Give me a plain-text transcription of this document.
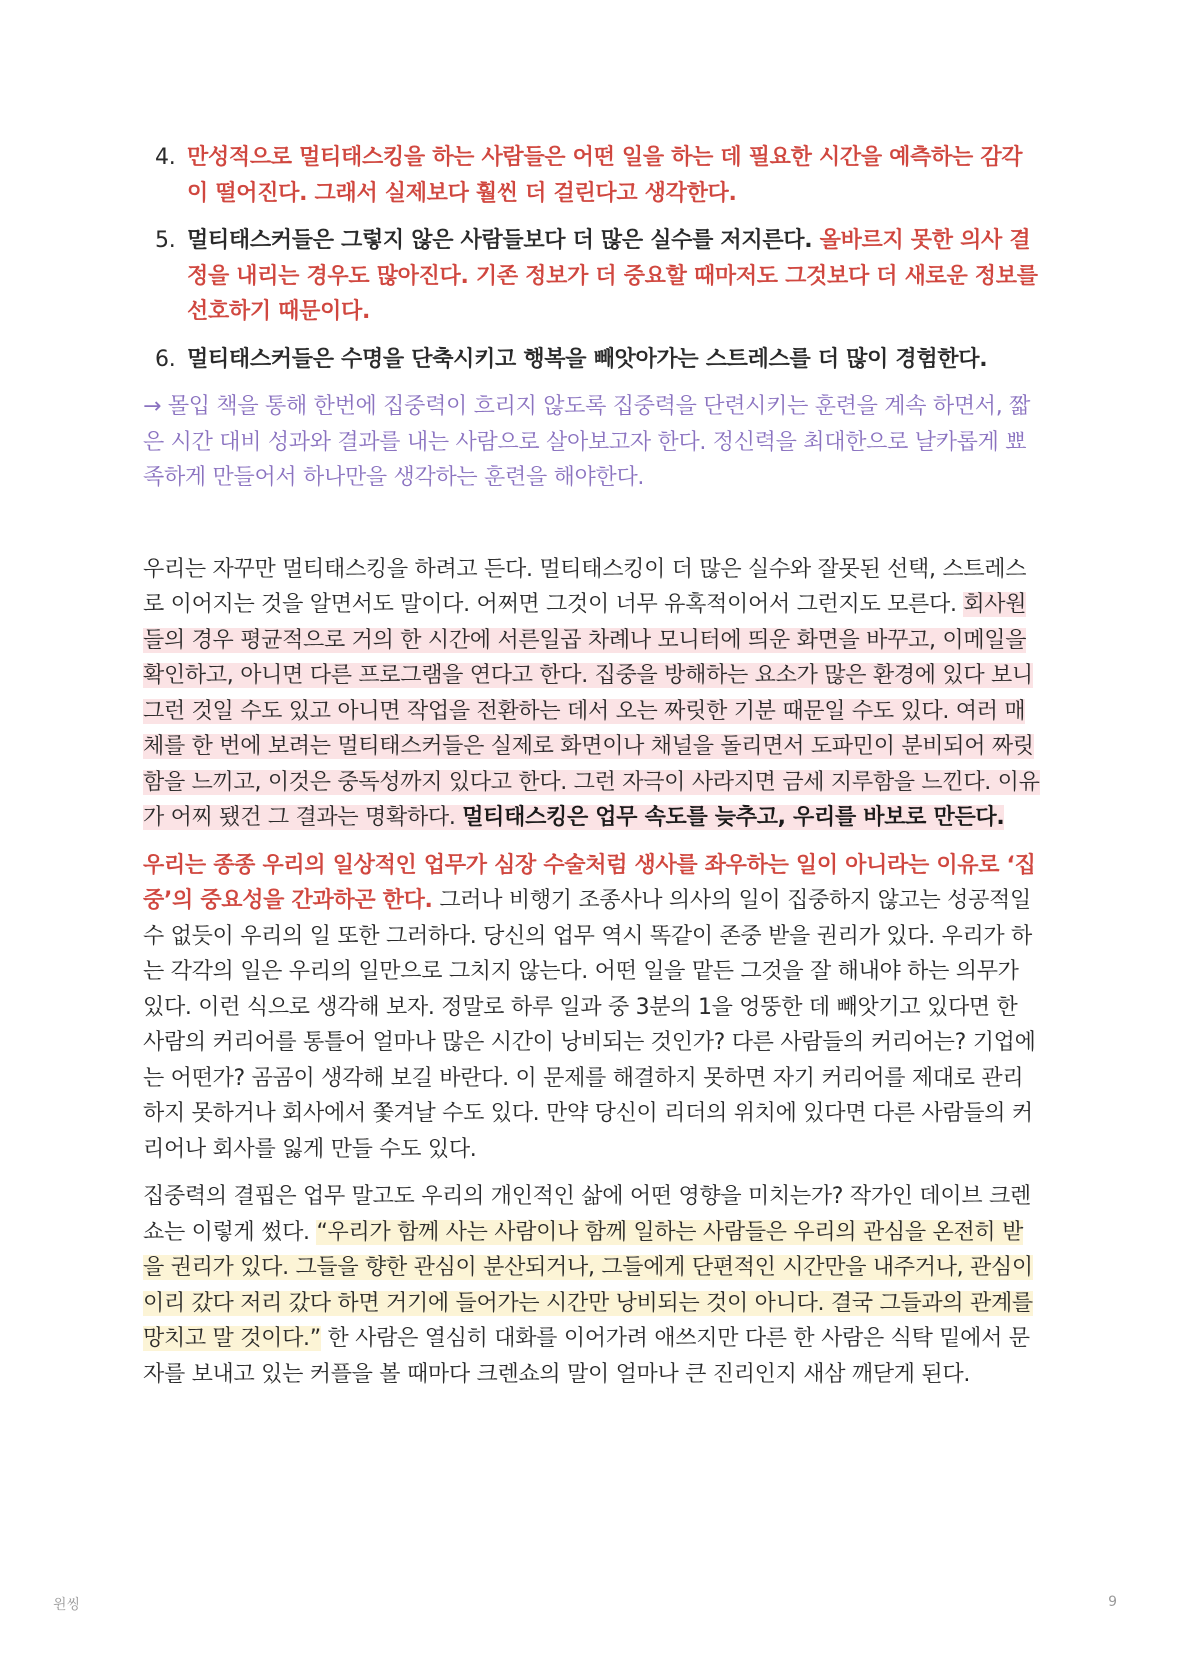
4. 만성적으로 멀티태스킹을 하는 사람들은 어떤 일을 하는 데 필요한 시간을 예측하는 감각이 떨어진다. 그래서 실제보다 훨씬 더 걸린다고 생각한다.
5. 멀티태스커들은 그렇지 않은 사람들보다 더 많은 실수를 저지른다. 올바르지 못한 의사 결정을 내리는 경우도 많아진다. 기존 정보가 더 중요할 때마저도 그것보다 더 새로운 정보를 선호하기 때문이다.
6. 멀티태스커들은 수명을 단축시키고 행복을 빼앗아가는 스트레스를 더 많이 경험한다.

→ 몰입 책을 통해 한번에 집중력이 흐리지 않도록 집중력을 단련시키는 훈련을 계속 하면서, 짧은 시간 대비 성과와 결과를 내는 사람으로 살아보고자 한다. 정신력을 최대한으로 날카롭게 뾰족하게 만들어서 하나만을 생각하는 훈련을 해야한다.

우리는 자꾸만 멀티태스킹을 하려고 든다. 멀티태스킹이 더 많은 실수와 잘못된 선택, 스트레스로 이어지는 것을 알면서도 말이다. 어쩌면 그것이 너무 유혹적이어서 그런지도 모른다. 회사원들의 경우 평균적으로 거의 한 시간에 서른일곱 차례나 모니터에 띄운 화면을 바꾸고, 이메일을 확인하고, 아니면 다른 프로그램을 연다고 한다. 집중을 방해하는 요소가 많은 환경에 있다 보니 그런 것일 수도 있고 아니면 작업을 전환하는 데서 오는 짜릿한 기분 때문일 수도 있다. 여러 매체를 한 번에 보려는 멀티태스커들은 실제로 화면이나 채널을 돌리면서 도파민이 분비되어 짜릿함을 느끼고, 이것은 중독성까지 있다고 한다. 그런 자극이 사라지면 금세 지루함을 느낀다. 이유가 어찌 됐건 그 결과는 명확하다. 멀티태스킹은 업무 속도를 늦추고, 우리를 바보로 만든다.

우리는 종종 우리의 일상적인 업무가 심장 수술처럼 생사를 좌우하는 일이 아니라는 이유로 ‘집중’의 중요성을 간과하곤 한다. 그러나 비행기 조종사나 의사의 일이 집중하지 않고는 성공적일 수 없듯이 우리의 일 또한 그러하다. 당신의 업무 역시 똑같이 존중 받을 권리가 있다. 우리가 하는 각각의 일은 우리의 일만으로 그치지 않는다. 어떤 일을 맡든 그것을 잘 해내야 하는 의무가 있다. 이런 식으로 생각해 보자. 정말로 하루 일과 중 3분의 1을 엉뚱한 데 빼앗기고 있다면 한 사람의 커리어를 통틀어 얼마나 많은 시간이 낭비되는 것인가? 다른 사람들의 커리어는? 기업에는 어떤가? 곰곰이 생각해 보길 바란다. 이 문제를 해결하지 못하면 자기 커리어를 제대로 관리하지 못하거나 회사에서 쫓겨날 수도 있다. 만약 당신이 리더의 위치에 있다면 다른 사람들의 커리어나 회사를 잃게 만들 수도 있다.

집중력의 결핍은 업무 말고도 우리의 개인적인 삶에 어떤 영향을 미치는가? 작가인 데이브 크렌쇼는 이렇게 썼다. “우리가 함께 사는 사람이나 함께 일하는 사람들은 우리의 관심을 온전히 받을 권리가 있다. 그들을 향한 관심이 분산되거나, 그들에게 단편적인 시간만을 내주거나, 관심이 이리 갔다 저리 갔다 하면 거기에 들어가는 시간만 낭비되는 것이 아니다. 결국 그들과의 관계를 망치고 말 것이다.” 한 사람은 열심히 대화를 이어가려 애쓰지만 다른 한 사람은 식탁 밑에서 문자를 보내고 있는 커플을 볼 때마다 크렌쇼의 말이 얼마나 큰 진리인지 새삼 깨닫게 된다.

윈씽	9
